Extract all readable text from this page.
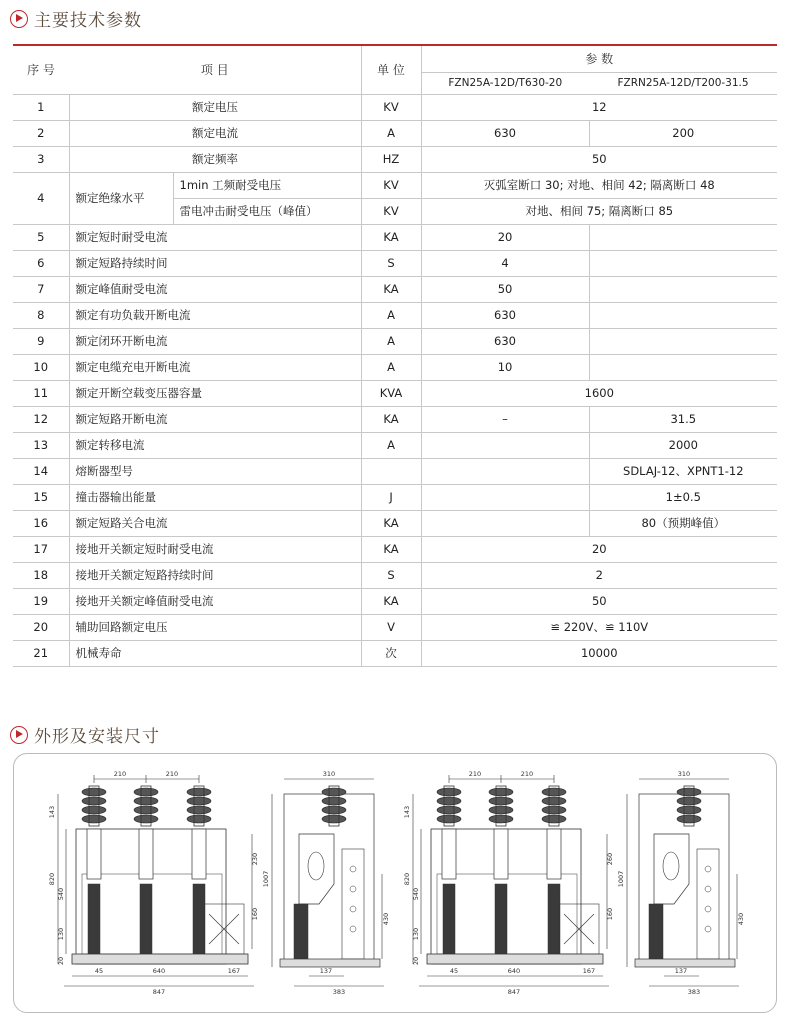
主要技术参数
序 号	项 目		单 位	参 数	
				FZN25A-12D/T630-20	FZRN25A-12D/T200-31.5
1	额定电压		KV	12	
2	额定电流		A	630	200
3	额定频率		HZ	50	
4	额定绝缘水平	1min 工频耐受电压	KV	灭弧室断口 30; 对地、相间 42; 隔离断口 48	
		雷电冲击耐受电压（峰值）	KV	对地、相间 75; 隔离断口 85	
5	额定短时耐受电流		KA	20	
6	额定短路持续时间		S	4	
7	额定峰值耐受电流		KA	50	
8	额定有功负载开断电流		A	630	
9	额定闭环开断电流		A	630	
10	额定电缆充电开断电流		A	10	
11	额定开断空载变压器容量		KVA	1600	
12	额定短路开断电流		KA	–	31.5
13	额定转移电流		A		2000
14	熔断器型号				SDLAJ-12、XPNT1-12
15	撞击器输出能量		J		1±0.5
16	额定短路关合电流		KA		80（预期峰值）
17	接地开关额定短时耐受电流		KA	20	
18	接地开关额定短路持续时间		S	2	
19	接地开关额定峰值耐受电流		KA	50	
20	辅助回路额定电压		V	≌ 220V、≌ 110V	
21	机械寿命		次	10000	
外形及安装尺寸
210	210
143
820
540
130
20
230
160
45	640	167
847
310
1007
430
137
383
210	210
143
820
540
130
20
260
160
45	640	167
847
310
1007
430
137
383
